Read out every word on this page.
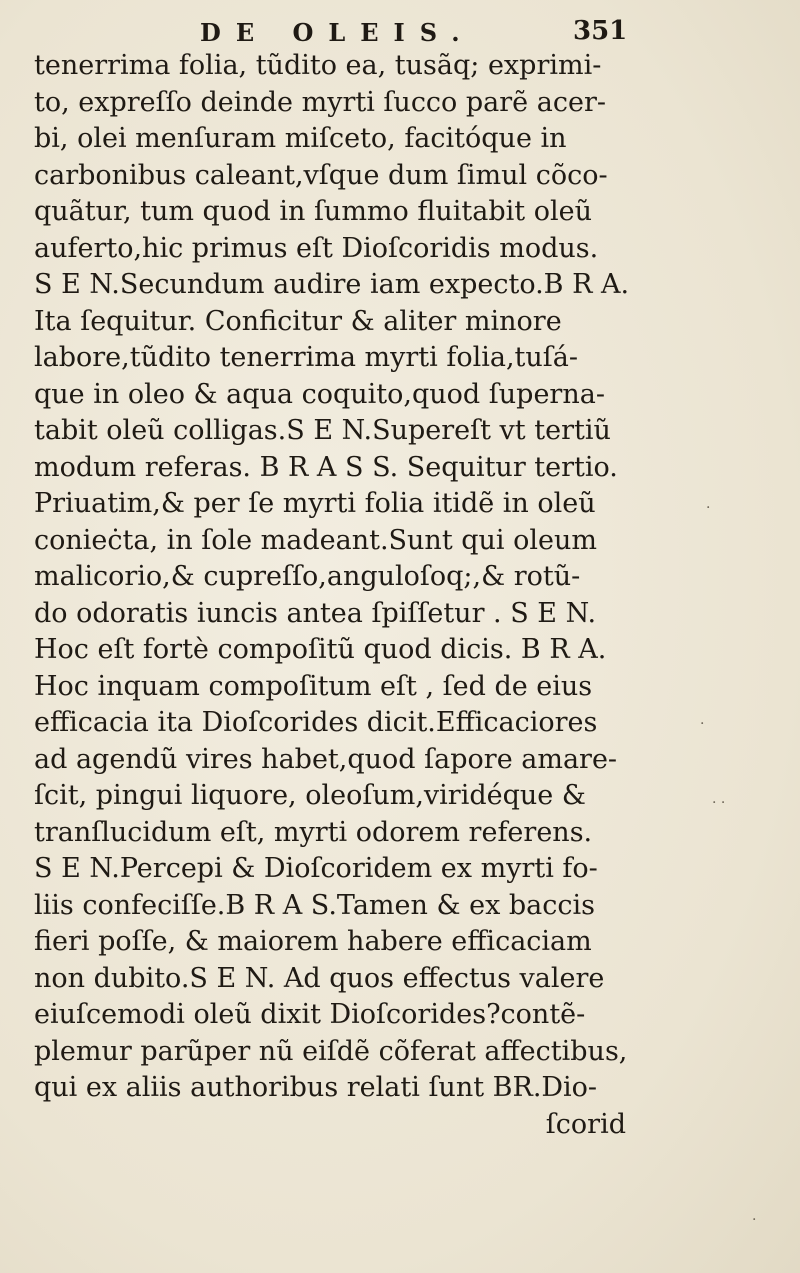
DE OLEIS.	351
tenerrima folia, tũdito ea, tusãq; exprimi-
to, expreſſo deinde myrti ſucco parẽ acer-
bi, olei menſuram miſceto, facitóque in
carbonibus caleant,vſque dum ſimul cõco-
quãtur, tum quod in ſummo fluitabit oleũ
auferto,hic primus eſt Dioſcoridis modus.
S E N.Secundum audire iam expecto.B R A.
Ita ſequitur. Conficitur & aliter minore
labore,tũdito tenerrima myrti folia,tuſá-
que in oleo & aqua coquito,quod ſuperna-
tabit oleũ colligas.S E N.Supereſt vt tertiũ
modum referas. B R A S S. Sequitur tertio.
Priuatim,& per ſe myrti folia itidẽ in oleũ
conieċta, in ſole madeant.Sunt qui oleum
malicorio,& cupreſſo,anguloſoq;,& rotũ-
do odoratis iuncis antea ſpiſſetur . S E N.
Hoc eſt fortè compoſitũ quod dicis. B R A.
Hoc inquam compoſitum eſt , ſed de eius
efficacia ita Dioſcorides dicit.Efficaciores
ad agendũ vires habet,quod ſapore amare-
ſcit, pingui liquore, oleoſum,viridéque &
tranſlucidum eſt, myrti odorem referens.
S E N.Percepi & Dioſcoridem ex myrti fo-
liis confeciſſe.B R A S.Tamen & ex baccis
fieri poſſe, & maiorem habere efficaciam
non dubito.S E N. Ad quos effectus valere
eiuſcemodi oleũ dixit Dioſcorides?contẽ-
plemur parũper nũ eiſdẽ cõferat affectibus,
qui ex aliis authoribus relati ſunt BR.Dio-
ſcorid
·
·
· ·
·
